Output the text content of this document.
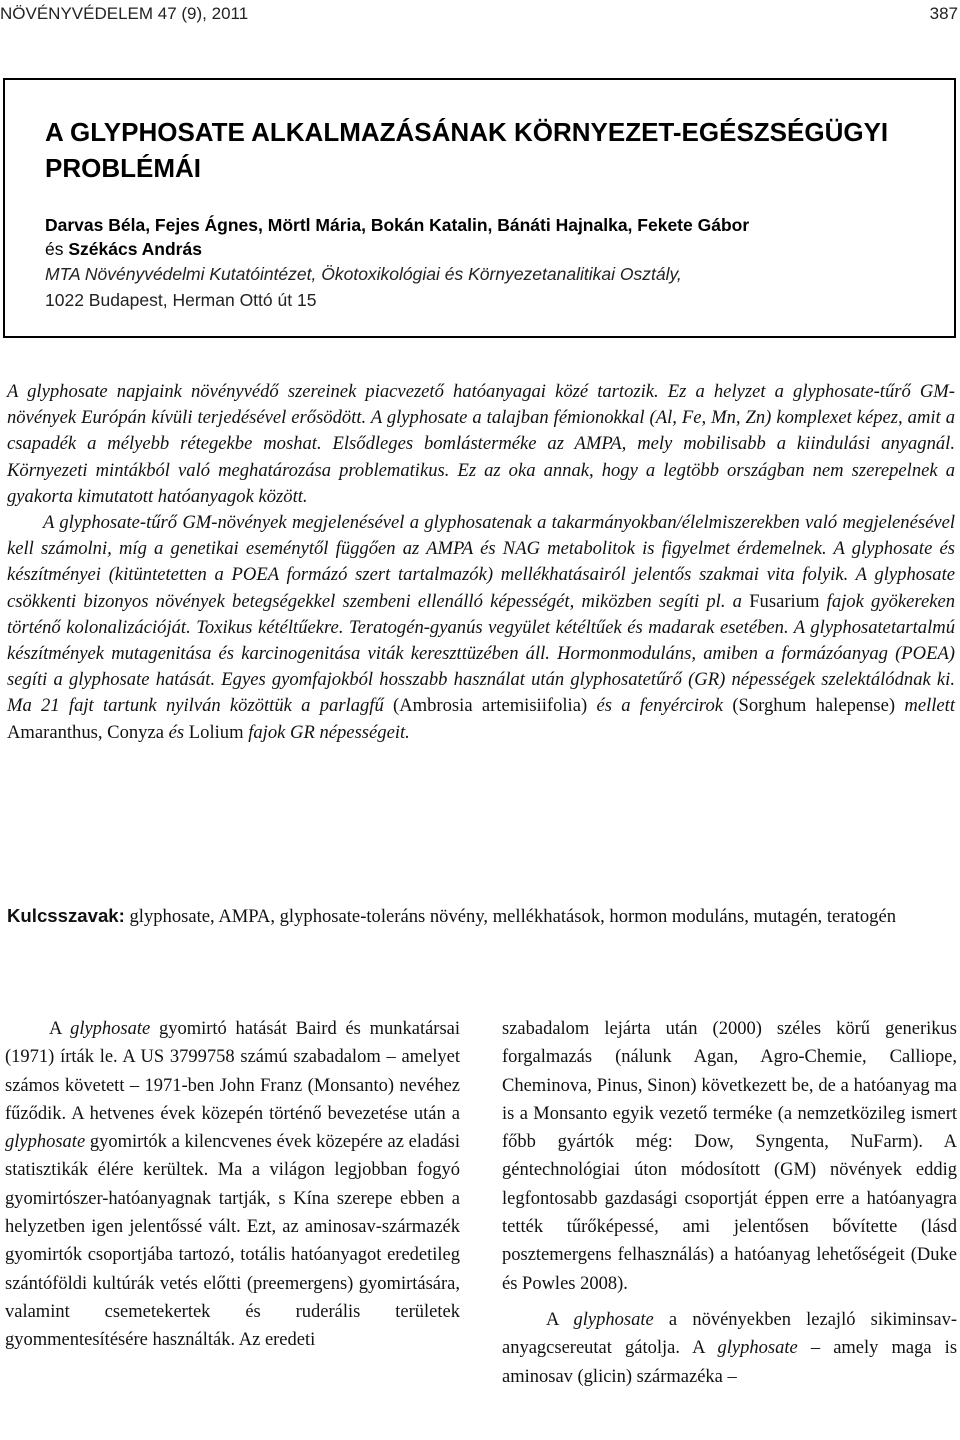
NÖVÉNYVÉDELEM 47 (9), 2011	387
A GLYPHOSATE ALKALMAZÁSÁNAK KÖRNYEZET-EGÉSZSÉGÜGYI PROBLÉMÁI
Darvas Béla, Fejes Ágnes, Mörtl Mária, Bokán Katalin, Bánáti Hajnalka, Fekete Gábor
és Székács András
MTA Növényvédelmi Kutatóintézet, Ökotoxikológiai és Környezetanalitikai Osztály,
1022 Budapest, Herman Ottó út 15

A glyphosate napjaink növényvédő szereinek piacvezető hatóanyagai közé tartozik. Ez a helyzet a glyphosate-tűrő GM-növények Európán kívüli terjedésével erősödött. A glyphosate a talajban fémionokkal (Al, Fe, Mn, Zn) komplexet képez, amit a csapadék a mélyebb rétegekbe moshat. Elsődleges bomlásterméke az AMPA, mely mobilisabb a kiindulási anyagnál. Környezeti mintákból való meghatározása problematikus. Ez az oka annak, hogy a legtöbb országban nem szerepelnek a gyakorta kimutatott hatóanyagok között.

A glyphosate-tűrő GM-növények megjelenésével a glyphosatenak a takarmányokban/élelmiszerekben való megjelenésével kell számolni, míg a genetikai eseménytől függően az AMPA és NAG metabolitok is figyelmet érdemelnek. A glyphosate és készítményei (kitüntetetten a POEA formázó szert tartalmazók) mellékhatásairól jelentős szakmai vita folyik. A glyphosate csökkenti bizonyos növények betegségekkel szembeni ellenálló képességét, miközben segíti pl. a Fusarium fajok gyökereken történő kolonalizációját. Toxikus kétéltűekre. Teratogén-gyanús vegyület kétéltűek és madarak esetében. A glyphosatetartalmú készítmények mutagenitása és karcinogenitása viták kereszttüzében áll. Hormonmoduláns, amiben a formázóanyag (POEA) segíti a glyphosate hatását. Egyes gyomfajokból hosszabb használat után glyphosatetűrő (GR) népességek szelektálódnak ki. Ma 21 fajt tartunk nyilván közöttük a parlagfű (Ambrosia artemisiifolia) és a fenyércirok (Sorghum halepense) mellett Amaranthus, Conyza és Lolium fajok GR népességeit.

Kulcsszavak: glyphosate, AMPA, glyphosate-toleráns növény, mellékhatások, hormon moduláns, mutagén, teratogén

A glyphosate gyomirtó hatását Baird és munkatársai (1971) írták le. A US 3799758 számú szabadalom – amelyet számos követett – 1971-ben John Franz (Monsanto) nevéhez fűződik. A hetvenes évek közepén történő bevezetése után a glyphosate gyomirtók a kilencvenes évek közepére az eladási statisztikák élére kerültek. Ma a világon legjobban fogyó gyomirtószer-hatóanyagnak tartják, s Kína szerepe ebben a helyzetben igen jelentőssé vált. Ezt, az aminosav-származék gyomirtók csoportjába tartozó, totális hatóanyagot eredetileg szántóföldi kultúrák vetés előtti (preemergens) gyomirtására, valamint csemetekertek és ruderális területek gyommentesítésére használták. Az eredeti

szabadalom lejárta után (2000) széles körű generikus forgalmazás (nálunk Agan, Agro-Chemie, Calliope, Cheminova, Pinus, Sinon) következett be, de a hatóanyag ma is a Monsanto egyik vezető terméke (a nemzetközileg ismert főbb gyártók még: Dow, Syngenta, NuFarm). A géntechnológiai úton módosított (GM) növények eddig legfontosabb gazdasági csoportját éppen erre a hatóanyagra tették tűrőképessé, ami jelentősen bővítette (lásd posztemergens felhasználás) a hatóanyag lehetőségeit (Duke és Powles 2008).

A glyphosate a növényekben lezajló sikiminsav-anyagcsereutat gátolja. A glyphosate – amely maga is aminosav (glicin) származéka –
